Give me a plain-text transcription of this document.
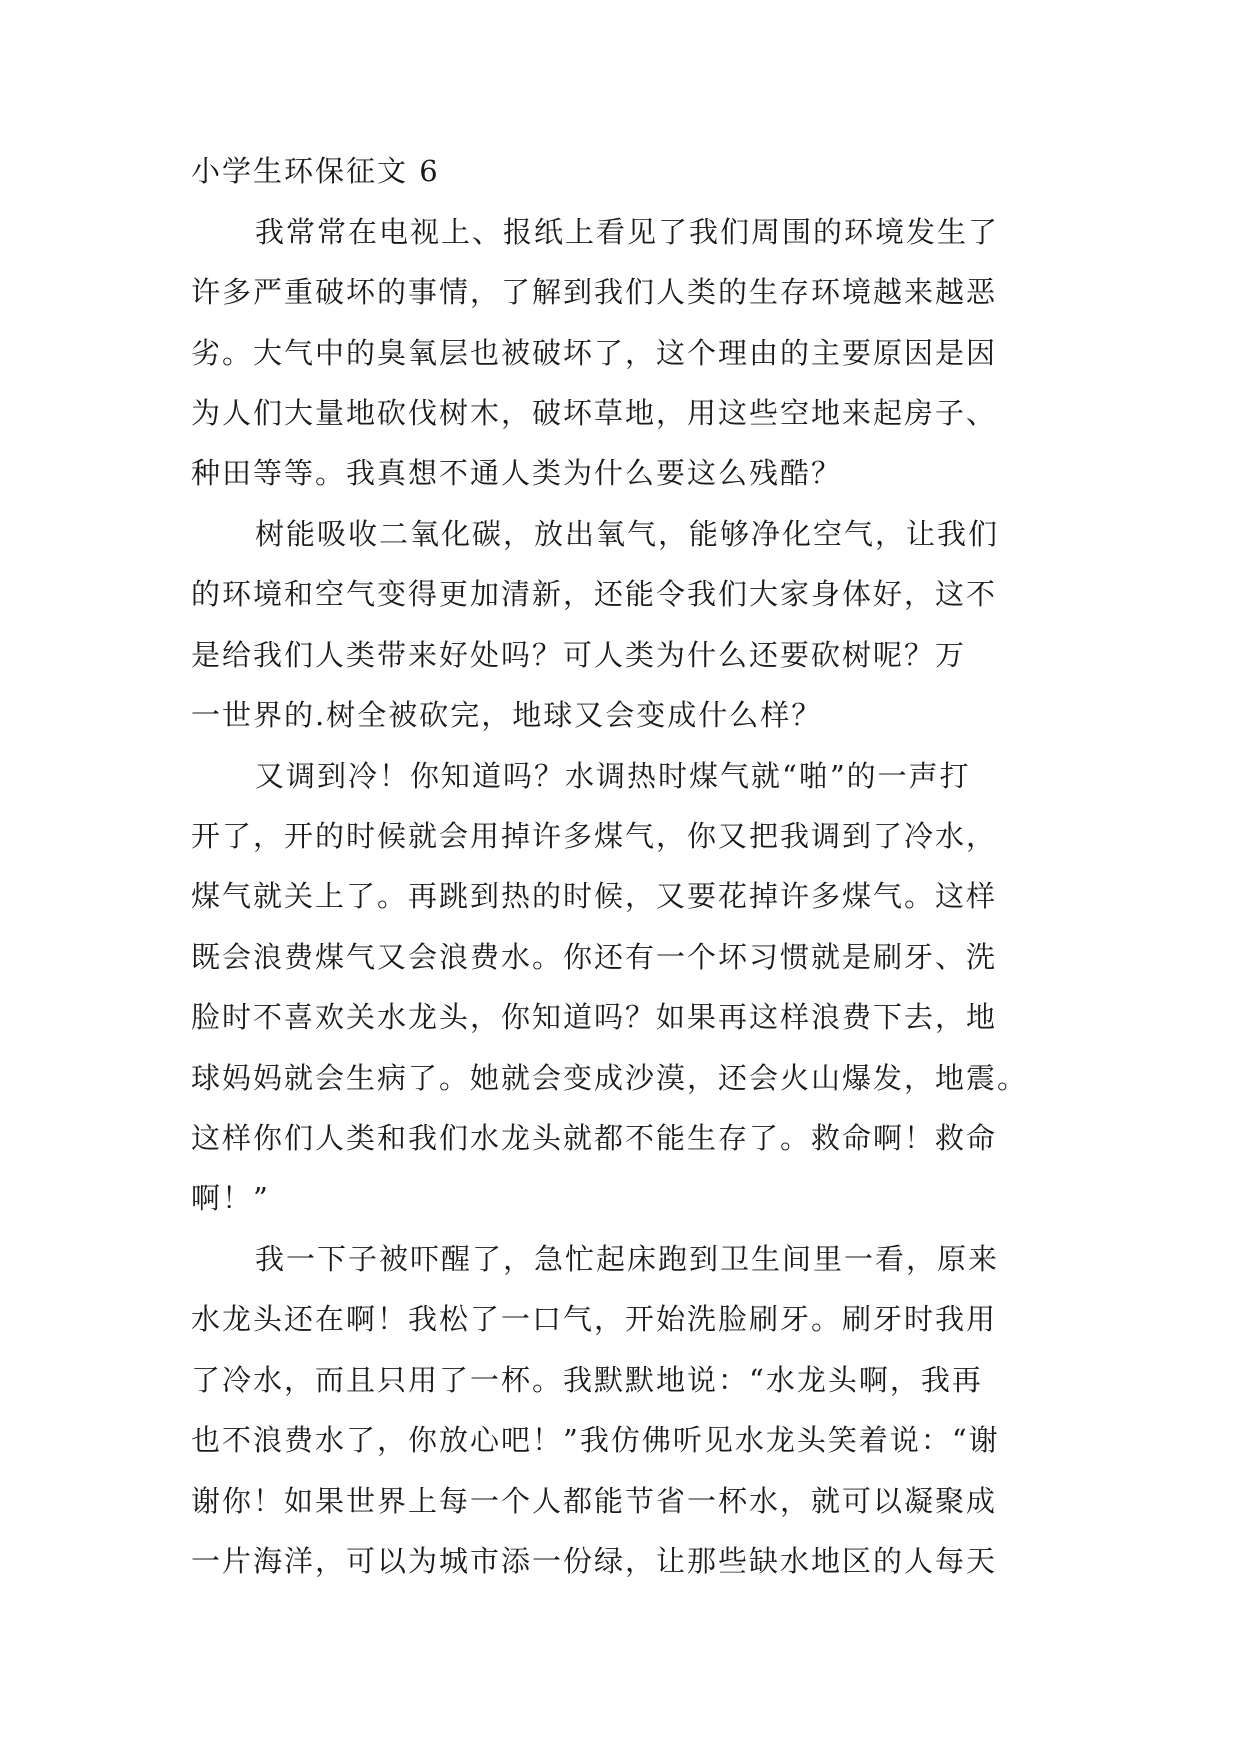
小学生环保征文 6
我常常在电视上、报纸上看见了我们周围的环境发生了
许多严重破坏的事情，了解到我们人类的生存环境越来越恶
劣。大气中的臭氧层也被破坏了，这个理由的主要原因是因
为人们大量地砍伐树木，破坏草地，用这些空地来起房子、
种田等等。我真想不通人类为什么要这么残酷？
树能吸收二氧化碳，放出氧气，能够净化空气，让我们
的环境和空气变得更加清新，还能令我们大家身体好，这不
是给我们人类带来好处吗？可人类为什么还要砍树呢？万
一世界的.树全被砍完，地球又会变成什么样？
又调到冷！你知道吗？水调热时煤气就“啪”的一声打
开了，开的时候就会用掉许多煤气，你又把我调到了冷水，
煤气就关上了。再跳到热的时候，又要花掉许多煤气。这样
既会浪费煤气又会浪费水。你还有一个坏习惯就是刷牙、洗
脸时不喜欢关水龙头，你知道吗？如果再这样浪费下去，地
球妈妈就会生病了。她就会变成沙漠，还会火山爆发，地震。
这样你们人类和我们水龙头就都不能生存了。救命啊！救命
啊！”
我一下子被吓醒了，急忙起床跑到卫生间里一看，原来
水龙头还在啊！我松了一口气，开始洗脸刷牙。刷牙时我用
了冷水，而且只用了一杯。我默默地说：“水龙头啊，我再
也不浪费水了，你放心吧！”我仿佛听见水龙头笑着说：“谢
谢你！如果世界上每一个人都能节省一杯水，就可以凝聚成
一片海洋，可以为城市添一份绿，让那些缺水地区的人每天
